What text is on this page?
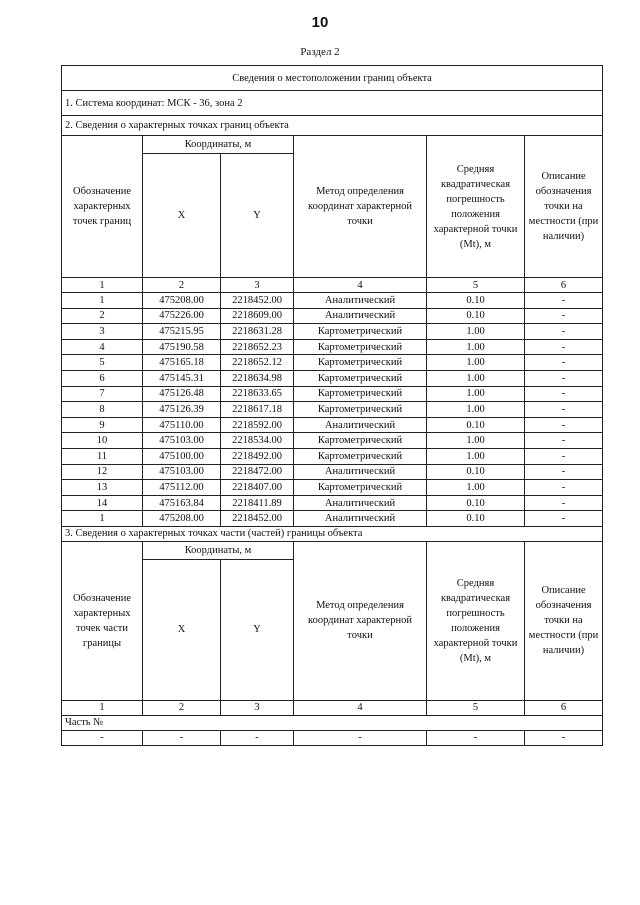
10
Раздел 2
Сведения о местоположении границ объекта					
1. Система координат: МСК - 36, зона 2					
2. Сведения о характерных точках границ объекта					
Обозначение характерных точек границ	Координаты, м		Метод определения координат характерной точки	Средняя квадратическая погрешность положения характерной точки (Mt), м	Описание обозначения точки на местности (при наличии)
	X	Y			
1	2	3	4	5	6
1	475208.00	2218452.00	Аналитический	0.10	-
2	475226.00	2218609.00	Аналитический	0.10	-
3	475215.95	2218631.28	Картометрический	1.00	-
4	475190.58	2218652.23	Картометрический	1.00	-
5	475165.18	2218652.12	Картометрический	1.00	-
6	475145.31	2218634.98	Картометрический	1.00	-
7	475126.48	2218633.65	Картометрический	1.00	-
8	475126.39	2218617.18	Картометрический	1.00	-
9	475110.00	2218592.00	Аналитический	0.10	-
10	475103.00	2218534.00	Картометрический	1.00	-
11	475100.00	2218492.00	Картометрический	1.00	-
12	475103.00	2218472.00	Аналитический	0.10	-
13	475112.00	2218407.00	Картометрический	1.00	-
14	475163.84	2218411.89	Аналитический	0.10	-
1	475208.00	2218452.00	Аналитический	0.10	-
3. Сведения о характерных точках части (частей) границы объекта					
Обозначение характерных точек части границы	Координаты, м		Метод определения координат характерной точки	Средняя квадратическая погрешность положения характерной точки (Mt), м	Описание обозначения точки на местности (при наличии)
	X	Y			
1	2	3	4	5	6
Часть №					
-	-	-	-	-	-
